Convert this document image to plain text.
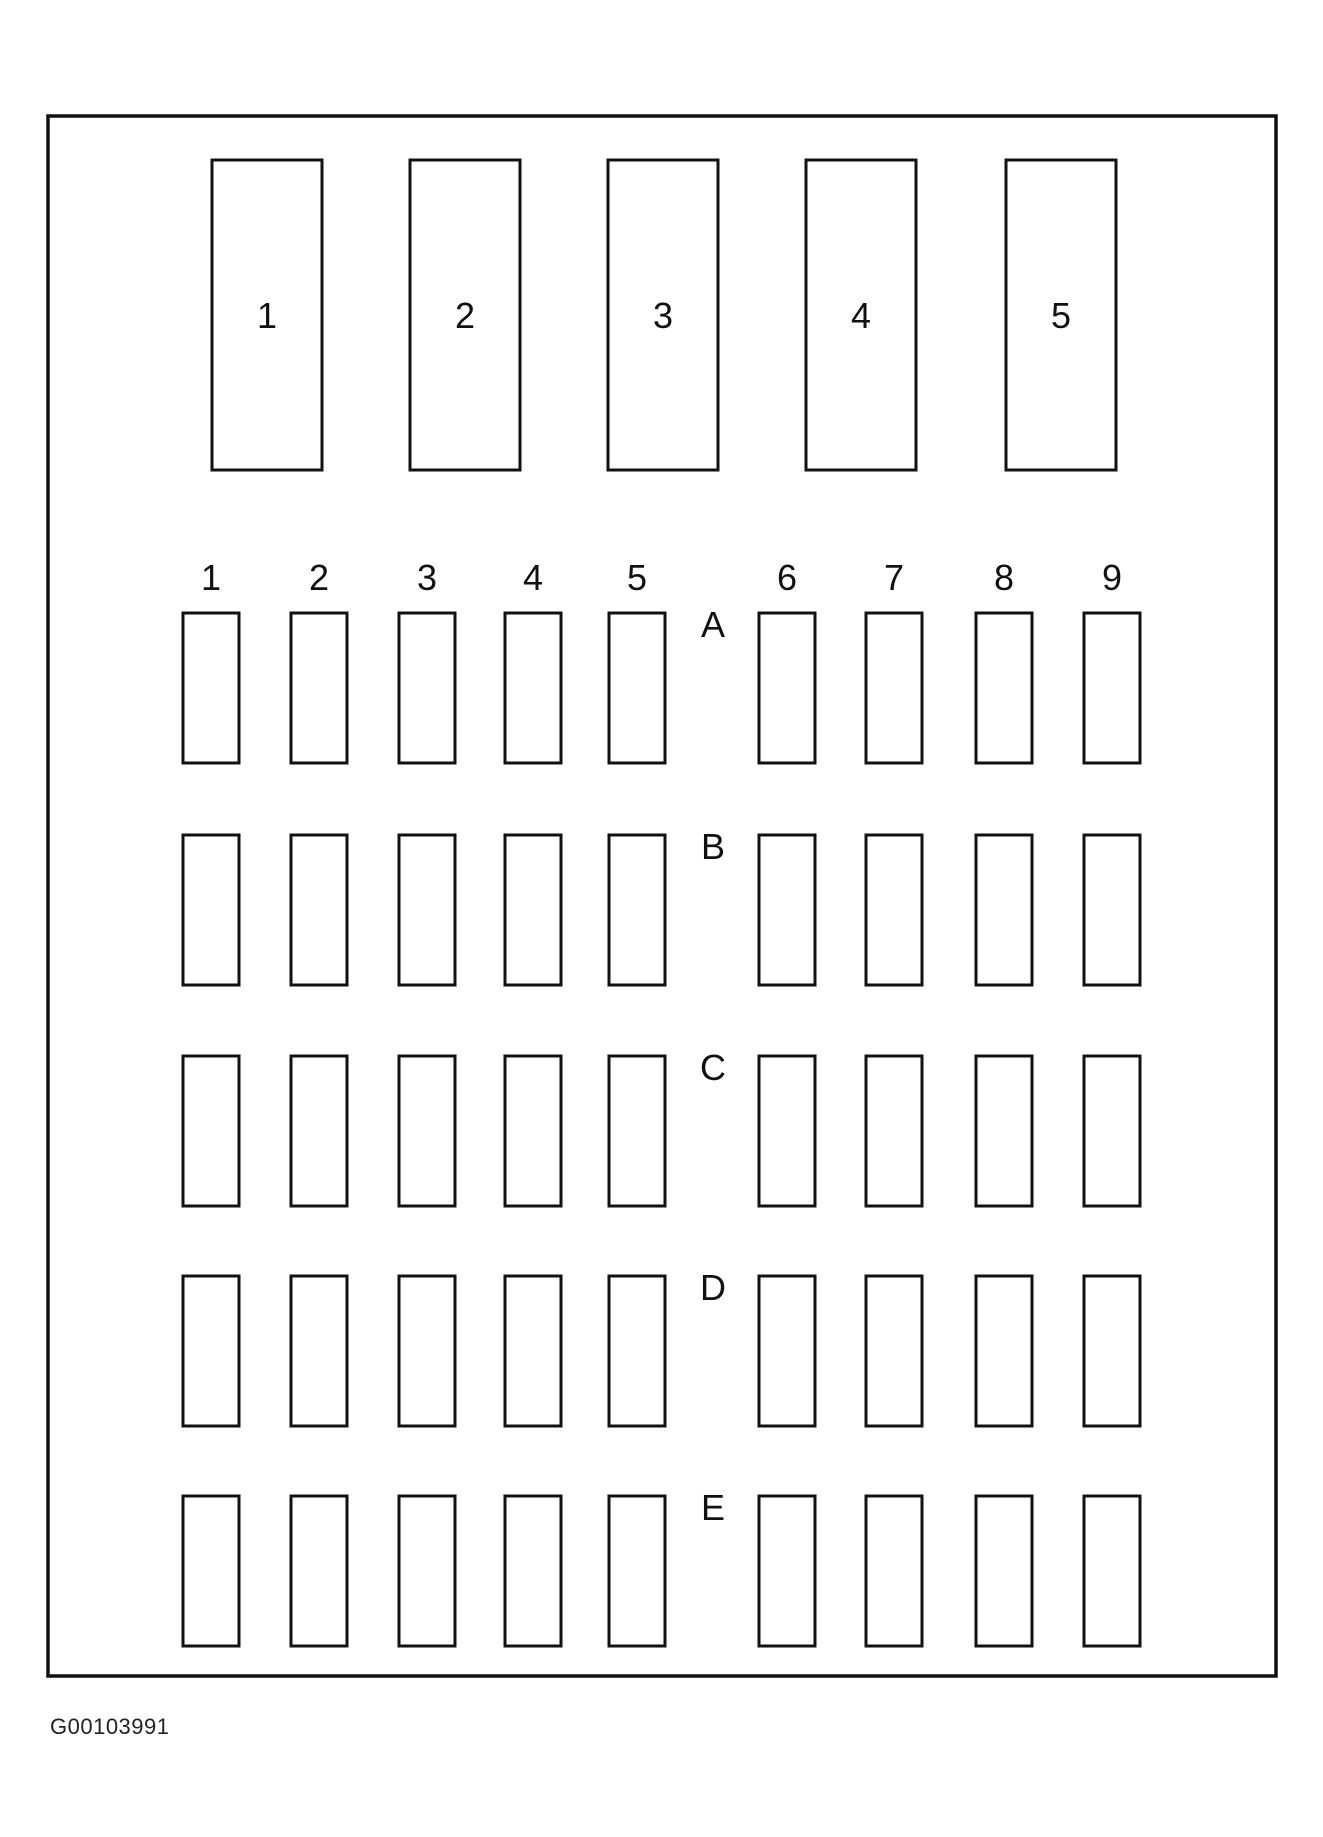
1	2	3	4	5
1 2 3 4 5	6 7 8 9
A
B
C
D
E
G00103991
